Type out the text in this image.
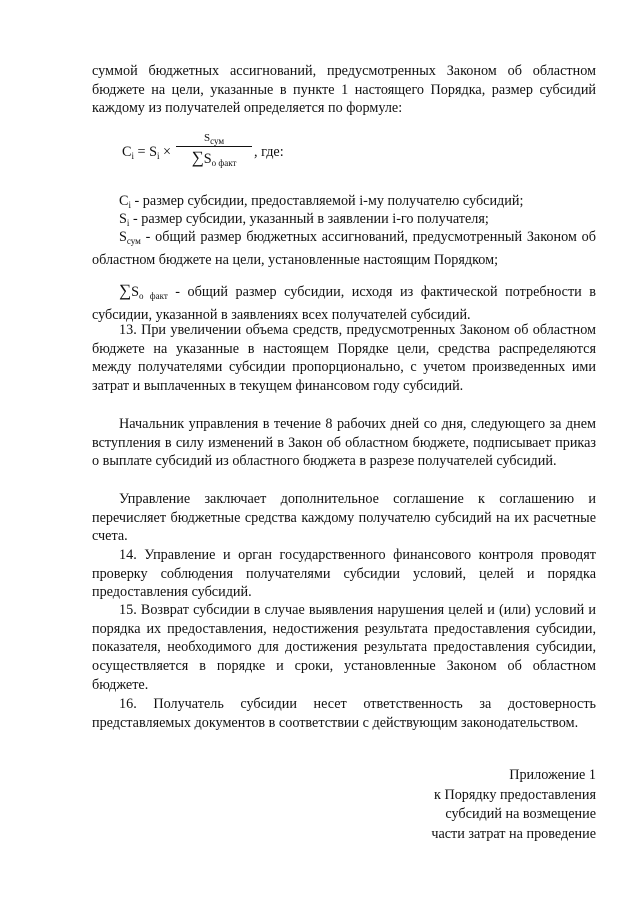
суммой бюджетных ассигнований, предусмотренных Законом об областном бюджете на цели, указанные в пункте 1 настоящего Порядка, размер субсидий каждому из получателей определяется по формуле:

$C_i = S_i$ ×
$S_{сум}$
$\sum S_{о факт}$
, где:

$C_i$ - размер субсидии, предоставляемой i-му получателю субсидий;

$S_i$ - размер субсидии, указанный в заявлении i-го получателя;

$S_{сум}$ - общий размер бюджетных ассигнований, предусмотренный Законом об областном бюджете на цели, установленные настоящим Порядком;

$\sum S_{о факт}$ - общий размер субсидии, исходя из фактической потребности в субсидии, указанной в заявлениях всех получателей субсидий.

13. При увеличении объема средств, предусмотренных Законом об областном бюджете на указанные в настоящем Порядке цели, средства распределяются между получателями субсидии пропорционально, с учетом произведенных ими затрат и выплаченных в текущем финансовом году субсидий.

Начальник управления в течение 8 рабочих дней со дня, следующего за днем вступления в силу изменений в Закон об областном бюджете, подписывает приказ о выплате субсидий из областного бюджета в разрезе получателей субсидий.

Управление заключает дополнительное соглашение к соглашению и перечисляет бюджетные средства каждому получателю субсидий на их расчетные счета.

14. Управление и орган государственного финансового контроля проводят проверку соблюдения получателями субсидии условий, целей и порядка предоставления субсидий.

15. Возврат субсидии в случае выявления нарушения целей и (или) условий и порядка их предоставления, недостижения результата предоставления субсидии, показателя, необходимого для достижения результата предоставления субсидии, осуществляется в порядке и сроки, установленные Законом об областном бюджете.

16. Получатель субсидии несет ответственность за достоверность представляемых документов в соответствии с действующим законодательством.

Приложение 1
к Порядку предоставления
субсидий на возмещение
части затрат на проведение
